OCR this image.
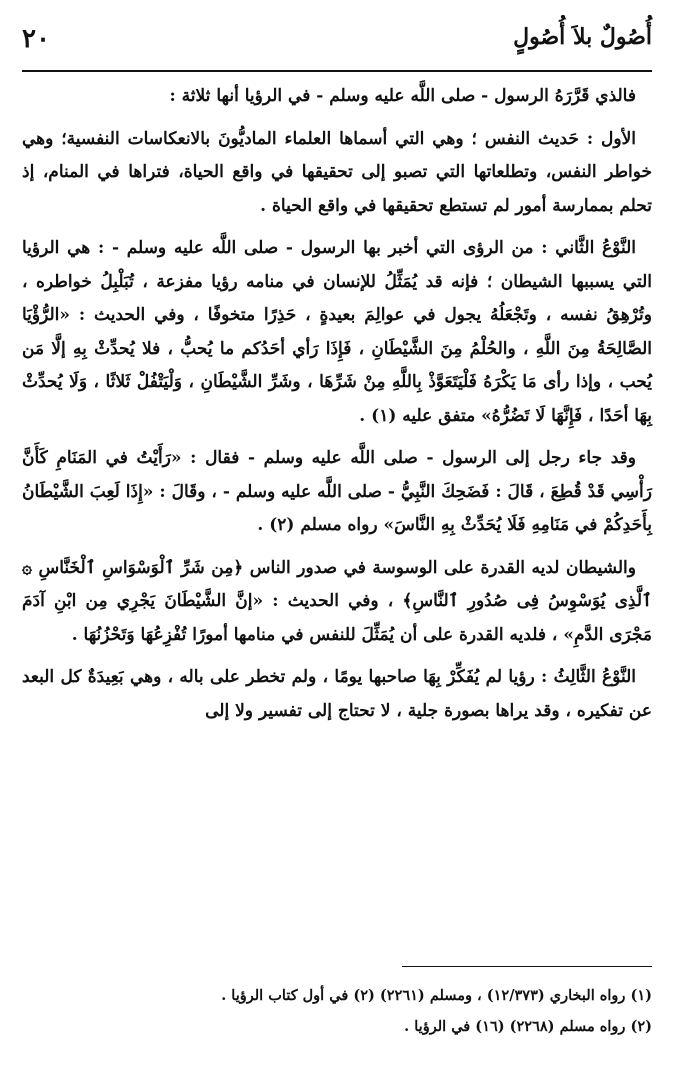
٢٠	أُصُولٌ بلاَ أُصُولٍ

فالذي قَرَّرَهُ الرسول - صلى اللَّه عليه وسلم - في الرؤيا أنها ثلاثة :

الأول : حَديث النفس ؛ وهي التي أسماها العلماء الماديُّونَ بالانعكاسات النفسية؛ وهي خواطر النفس، وتطلعاتها التي تصبو إلى تحقيقها في واقع الحياة، فتراها في المنام، إذ تحلم بممارسة أمور لم تستطع تحقيقها في واقع الحياة .

النَّوْعُ الثَّاني : من الرؤى التي أخبر بها الرسول - صلى اللَّه عليه وسلم - : هي الرؤيا التي يسببها الشيطان ؛ فإنه قد يُمَثِّلُ للإنسان في منامه رؤيا مفزعة ، تُبَلْبِلُ خواطره ، وتُرْهِقُ نفسه ، وتَجْعَلُهُ يجول في عوالِمَ بعيدةٍ ، حَذِرًا متخوفًا ، وفي الحديث : «الرُّؤْيَا الصَّالِحَةُ مِنَ اللَّهِ ، والحُلْمُ مِنَ الشَّيْطَانِ ، فَإِذَا رَأي أحَدُكم ما يُحبُّ ، فلا يُحدِّثْ بِهِ إلَّا مَن يُحب ، وإذا رأى مَا يَكْرَهُ فَلْيَتَعَوَّذْ بِاللَّهِ مِنْ شَرِّهَا ، وشَرِّ الشَّيْطَانِ ، وَلْيَتْفُلْ ثَلاثًا ، وَلَا يُحدِّثْ بِهَا أحَدًا ، فَإِنَّهَا لَا تَضُرُّهُ» متفق عليه (١) .

وقد جاء رجل إلى الرسول - صلى اللَّه عليه وسلم - فقال : «رَأَيْتُ في المَنَامِ كَأَنَّ رَأْسِي قَدْ قُطِعَ ، قَالَ : فَضَحِكَ النَّبِيُّ - صلى اللَّه عليه وسلم - ، وقَالَ : «إِذَا لَعِبَ الشَّيْطَانُ بِأَحَدِكُمْ في مَنَامِهِ فَلَا يُحَدِّثْ بِهِ النَّاسَ» رواه مسلم (٢) .

والشيطان لديه القدرة على الوسوسة في صدور الناس ﴿مِن شَرِّ ٱلْوَسْوَاسِ ٱلْخَنَّاسِ ۞ ٱلَّذِى يُوَسْوِسُ فِى صُدُورِ ٱلنَّاسِ﴾ ، وفي الحديث : «إنَّ الشَّيْطَانَ يَجْرِي مِن ابْنِ آدَمَ مَجْرَى الدَّمِ» ، فلديه القدرة على أن يُمَثِّلَ للنفس في منامها أمورًا تُفْزِعُهَا وَتَحْزُنُهَا .

النَّوْعُ الثَّالِثُ : رؤيا لم يُفَكِّرْ بِهَا صاحبها يومًا ، ولم تخطر على باله ، وهي بَعِيدَةٌ كل البعد عن تفكيره ، وقد يراها بصورة جلية ، لا تحتاج إلى تفسير ولا إلى

(١) رواه البخاري (١٢/٣٧٣) ، ومسلم (٢٢٦١) (٢) في أول كتاب الرؤيا .

(٢) رواه مسلم (٢٢٦٨) (١٦) في الرؤيا .
